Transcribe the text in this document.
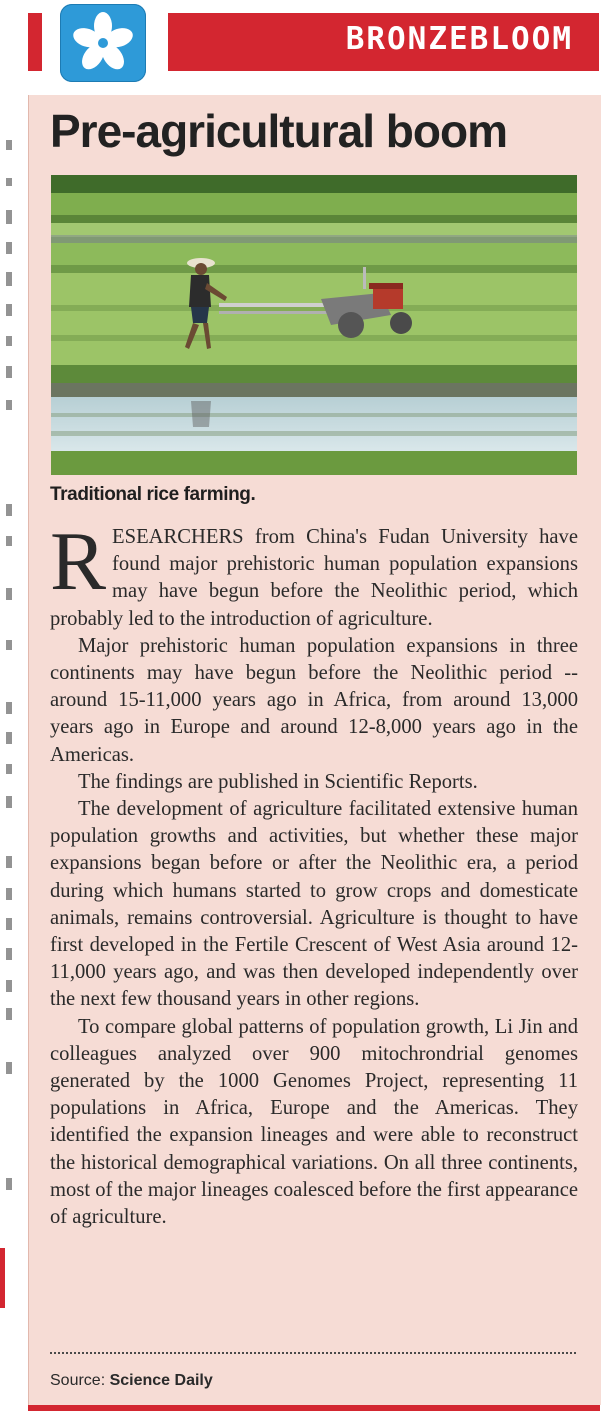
BRONZEBLOOM
Pre-agricultural boom

Traditional rice farming.

RESEARCHERS from China's Fudan University have found major prehistoric human population expansions may have begun before the Neolithic period, which probably led to the introduction of agriculture.

Major prehistoric human population expansions in three continents may have begun before the Neolithic period -- around 15-11,000 years ago in Africa, from around 13,000 years ago in Europe and around 12-8,000 years ago in the Americas.

The findings are published in Scientific Reports.

The development of agriculture facilitated extensive human population growths and activities, but whether these major expansions began before or after the Neolithic era, a period during which humans started to grow crops and domesticate animals, remains controversial. Agriculture is thought to have first developed in the Fertile Crescent of West Asia around 12-11,000 years ago, and was then developed independently over the next few thousand years in other regions.

To compare global patterns of population growth, Li Jin and colleagues analyzed over 900 mitochrondrial genomes generated by the 1000 Genomes Project, representing 11 populations in Africa, Europe and the Americas. They identified the expansion lineages and were able to reconstruct the historical demographical variations. On all three continents, most of the major lineages coalesced before the first appearance of agriculture.

Source: Science Daily
